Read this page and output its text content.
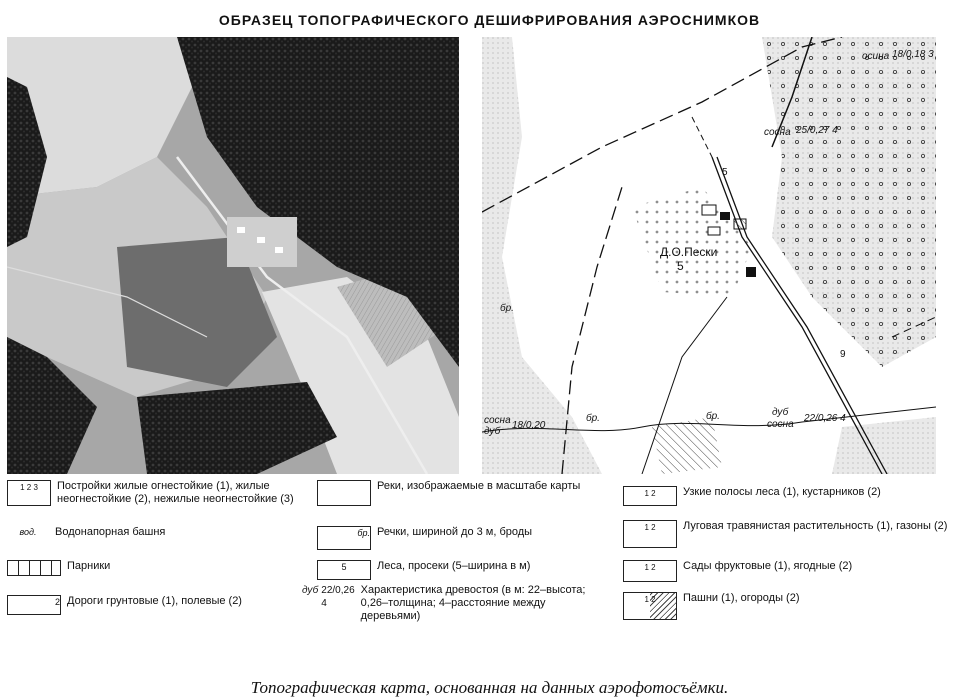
ОБРАЗЕЦ ТОПОГРАФИЧЕСКОГО ДЕШИФРИРОВАНИЯ АЭРОСНИМКОВ
Д.О.Пески
5
сосна 25/0,27 4
осина 18/0,18 3
сосна
дуб
18/0,20
дуб
сосна
22/0,26 4
бр.
бр.	бр.
5
9
1 2 3	Постройки жилые огнестойкие (1), жилые неогнестойкие (2), нежилые неогнестойкие (3)
вод.	Водонапорная башня
Парники
2 Дороги грунтовые (1), полевые (2)
Реки, изображаемые в масштабе карты
бр. Речки, шириной до 3 м, броды
5	Леса, просеки (5–ширина в м)
дуб 22/0,26 4
Характеристика древостоя (в м: 22–высота; 0,26–толщина; 4–расстояние между деревьями)
1 2	Узкие полосы леса (1), кустарников (2)
1 2	Луговая травянистая растительность (1), газоны (2)
1 2	Сады фруктовые (1), ягодные (2)
1 2	Пашни (1), огороды (2)
Топографическая карта, основанная на данных аэрофотосъёмки.
